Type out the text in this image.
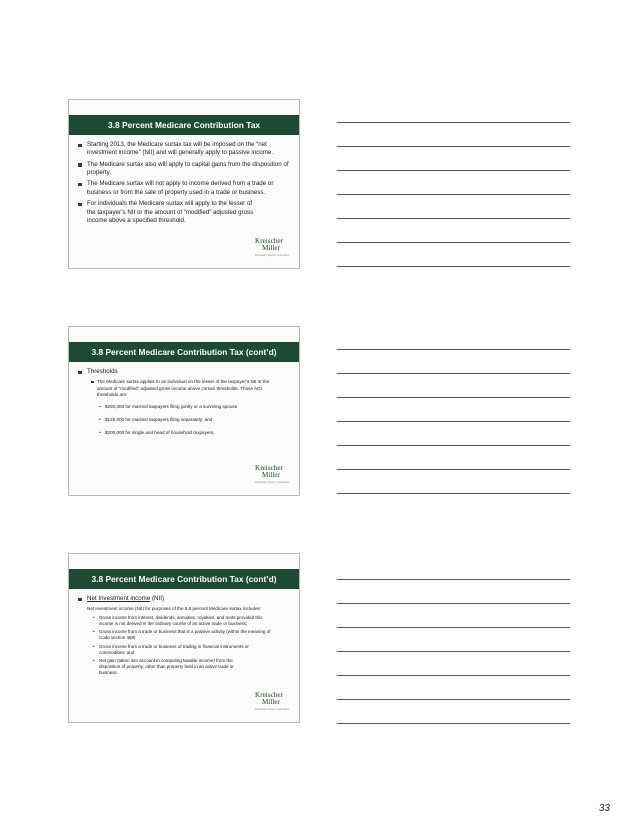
3.8 Percent Medicare Contribution Tax
Starting 2013, the Medicare surtax tax will be imposed on the “net investment income” (NII) and will generally apply to passive income.
The Medicare surtax also will apply to capital gains from the disposition of property.
The Medicare surtax will not apply to income derived from a trade or business or from the sale of property used in a trade or business.
For individuals the Medicare surtax will apply to the lesser of the taxpayer’s NII or the amount of “modified” adjusted gross income above a specified threshold.
Kreischer
Miller
Dedicated. Expert. Innovative.
3.8 Percent Medicare Contribution Tax (cont’d)
Thresholds
The Medicare surtax applies to an individual on the lesser of the taxpayer’s NII or the amount of “modified” adjusted gross income above certain thresholds. Those AGI thresholds are:
• $250,000 for married taxpayers filing jointly or a surviving spouse
• $125,000 for married taxpayers filing separately; and
• $200,000 for single and head of household taxpayers.
Kreischer
Miller
Dedicated. Expert. Innovative.
3.8 Percent Medicare Contribution Tax (cont’d)
Net Investment income (NII)
Net investment income (NII) for purposes of the 3.8 percent Medicare surtax includes:
• Gross income from interest, dividends, annuities, royalties, and rents provided this income is not derived in the ordinary course of an active trade or business;
• Gross income from a trade or business that is a passive activity (within the meaning of Code section 469)
• Gross income from a trade or business of trading in financial instruments or commodities; and
• Net gain (taken into account in computing taxable income) from the disposition of property, other than property held in an active trade or business.
Kreischer
Miller
Dedicated. Expert. Innovative.
33
